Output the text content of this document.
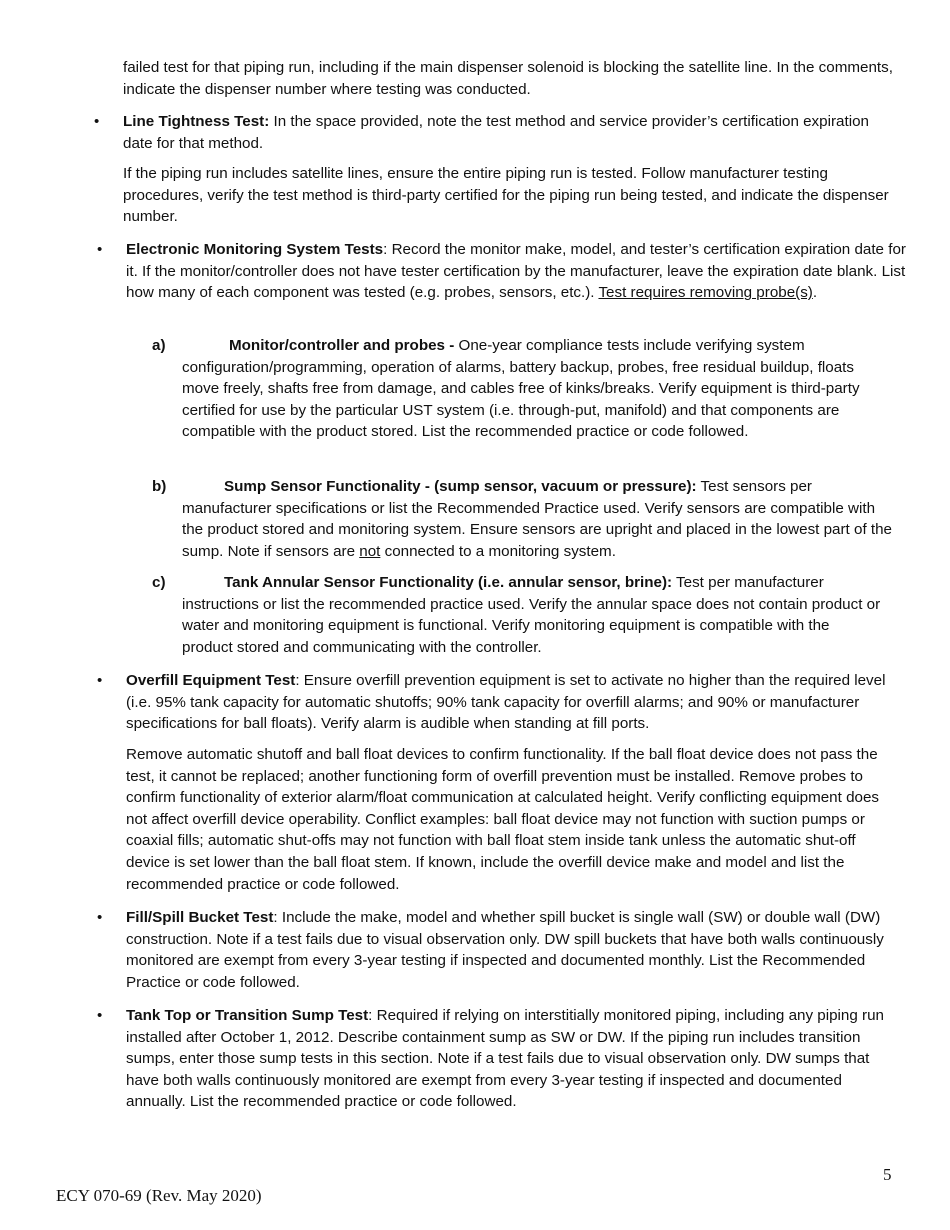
failed test for that piping run, including if the main dispenser solenoid is blocking the satellite line. In the comments, indicate the dispenser number where testing was conducted.

• Line Tightness Test: In the space provided, note the test method and service provider’s certification expiration date for that method.

If the piping run includes satellite lines, ensure the entire piping run is tested. Follow manufacturer testing procedures, verify the test method is third-party certified for the piping run being tested, and indicate the dispenser number.

• Electronic Monitoring System Tests: Record the monitor make, model, and tester’s certification expiration date for it. If the monitor/controller does not have tester certification by the manufacturer, leave the expiration date blank. List how many of each component was tested (e.g. probes, sensors, etc.). Test requires removing probe(s).

a)	Monitor/controller and probes - One-year compliance tests include verifying system configuration/programming, operation of alarms, battery backup, probes, free residual buildup, floats move freely, shafts free from damage, and cables free of kinks/breaks. Verify equipment is third-party certified for use by the particular UST system (i.e. through-put, manifold) and that components are compatible with the product stored. List the recommended practice or code followed.

b)	Sump Sensor Functionality - (sump sensor, vacuum or pressure): Test sensors per manufacturer specifications or list the Recommended Practice used. Verify sensors are compatible with the product stored and monitoring system. Ensure sensors are upright and placed in the lowest part of the sump. Note if sensors are not connected to a monitoring system.

c)	Tank Annular Sensor Functionality (i.e. annular sensor, brine): Test per manufacturer instructions or list the recommended practice used. Verify the annular space does not contain product or water and monitoring equipment is functional. Verify monitoring equipment is compatible with the product stored and communicating with the controller.

• Overfill Equipment Test: Ensure overfill prevention equipment is set to activate no higher than the required level (i.e. 95% tank capacity for automatic shutoffs; 90% tank capacity for overfill alarms; and 90% or manufacturer specifications for ball floats). Verify alarm is audible when standing at fill ports.

Remove automatic shutoff and ball float devices to confirm functionality. If the ball float device does not pass the test, it cannot be replaced; another functioning form of overfill prevention must be installed. Remove probes to confirm functionality of exterior alarm/float communication at calculated height. Verify conflicting equipment does not affect overfill device operability. Conflict examples: ball float device may not function with suction pumps or coaxial fills; automatic shut-offs may not function with ball float stem inside tank unless the automatic shut-off device is set lower than the ball float stem. If known, include the overfill device make and model and list the recommended practice or code followed.

• Fill/Spill Bucket Test: Include the make, model and whether spill bucket is single wall (SW) or double wall (DW) construction. Note if a test fails due to visual observation only. DW spill buckets that have both walls continuously monitored are exempt from every 3-year testing if inspected and documented monthly. List the Recommended Practice or code followed.

• Tank Top or Transition Sump Test: Required if relying on interstitially monitored piping, including any piping run installed after October 1, 2012. Describe containment sump as SW or DW. If the piping run includes transition sumps, enter those sump tests in this section. Note if a test fails due to visual observation only. DW sumps that have both walls continuously monitored are exempt from every 3-year testing if inspected and documented annually. List the recommended practice or code followed.

5
ECY 070-69 (Rev. May 2020)
